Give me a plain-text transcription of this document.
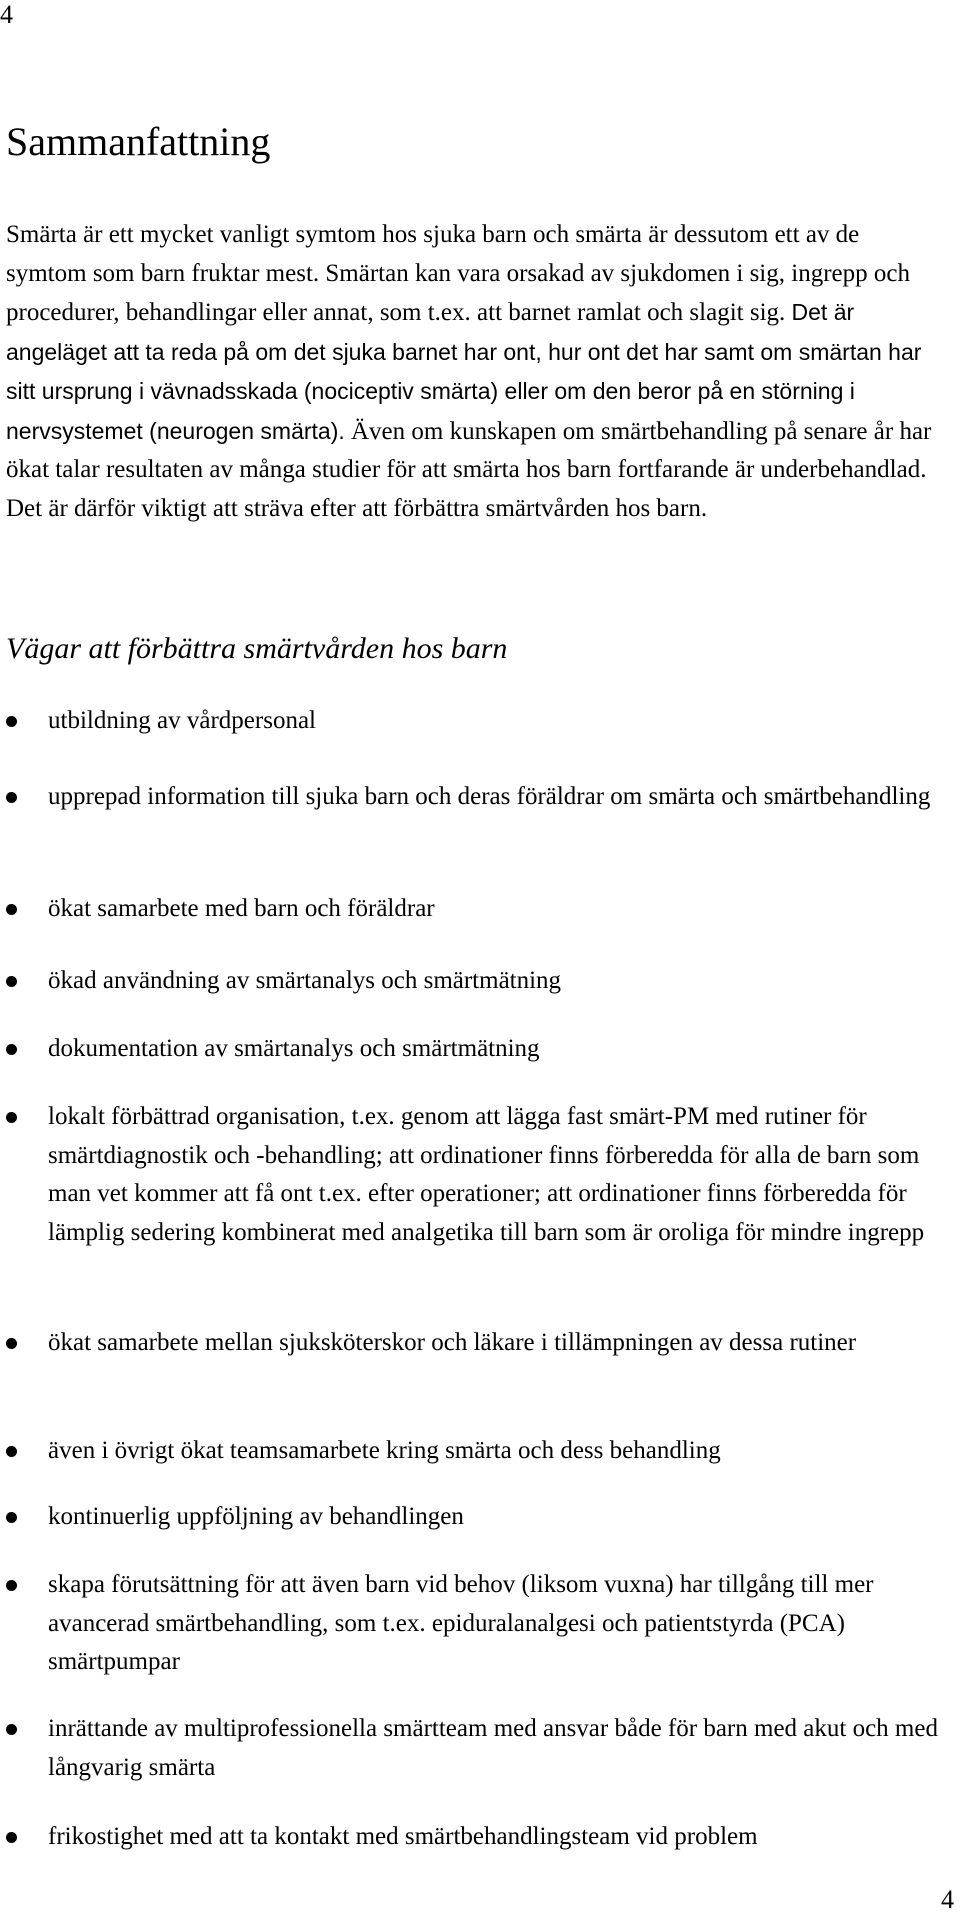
4
Sammanfattning

Smärta är ett mycket vanligt symtom hos sjuka barn och smärta är dessutom ett av de symtom som barn fruktar mest. Smärtan kan vara orsakad av sjukdomen i sig, ingrepp och procedurer, behandlingar eller annat, som t.ex. att barnet ramlat och slagit sig. Det är angeläget att ta reda på om det sjuka barnet har ont, hur ont det har samt om smärtan har sitt ursprung i vävnadsskada (nociceptiv smärta) eller om den beror på en störning i nervsystemet (neurogen smärta). Även om kunskapen om smärtbehandling på senare år har ökat talar resultaten av många studier för att smärta hos barn fortfarande är underbehandlad. Det är därför viktigt att sträva efter att förbättra smärtvården hos barn.

Vägar att förbättra smärtvården hos barn
utbildning av vårdpersonal
upprepad information till sjuka barn och deras föräldrar om smärta och smärtbehandling
ökat samarbete med barn och föräldrar
ökad användning av smärtanalys och smärtmätning
dokumentation av smärtanalys och smärtmätning
lokalt förbättrad organisation, t.ex. genom att lägga fast smärt-PM med rutiner för smärtdiagnostik och -behandling; att ordinationer finns förberedda för alla de barn som man vet kommer att få ont t.ex. efter operationer; att ordinationer finns förberedda för lämplig sedering kombinerat med analgetika till barn som är oroliga för mindre ingrepp
ökat samarbete mellan sjuksköterskor och läkare i tillämpningen av dessa rutiner
även i övrigt ökat teamsamarbete kring smärta och dess behandling
kontinuerlig uppföljning av behandlingen
skapa förutsättning för att även barn vid behov (liksom vuxna) har tillgång till mer avancerad smärtbehandling, som t.ex. epiduralanalgesi och patientstyrda (PCA) smärtpumpar
inrättande av multiprofessionella smärtteam med ansvar både för barn med akut och med långvarig smärta
frikostighet med att ta kontakt med smärtbehandlingsteam vid problem
4
